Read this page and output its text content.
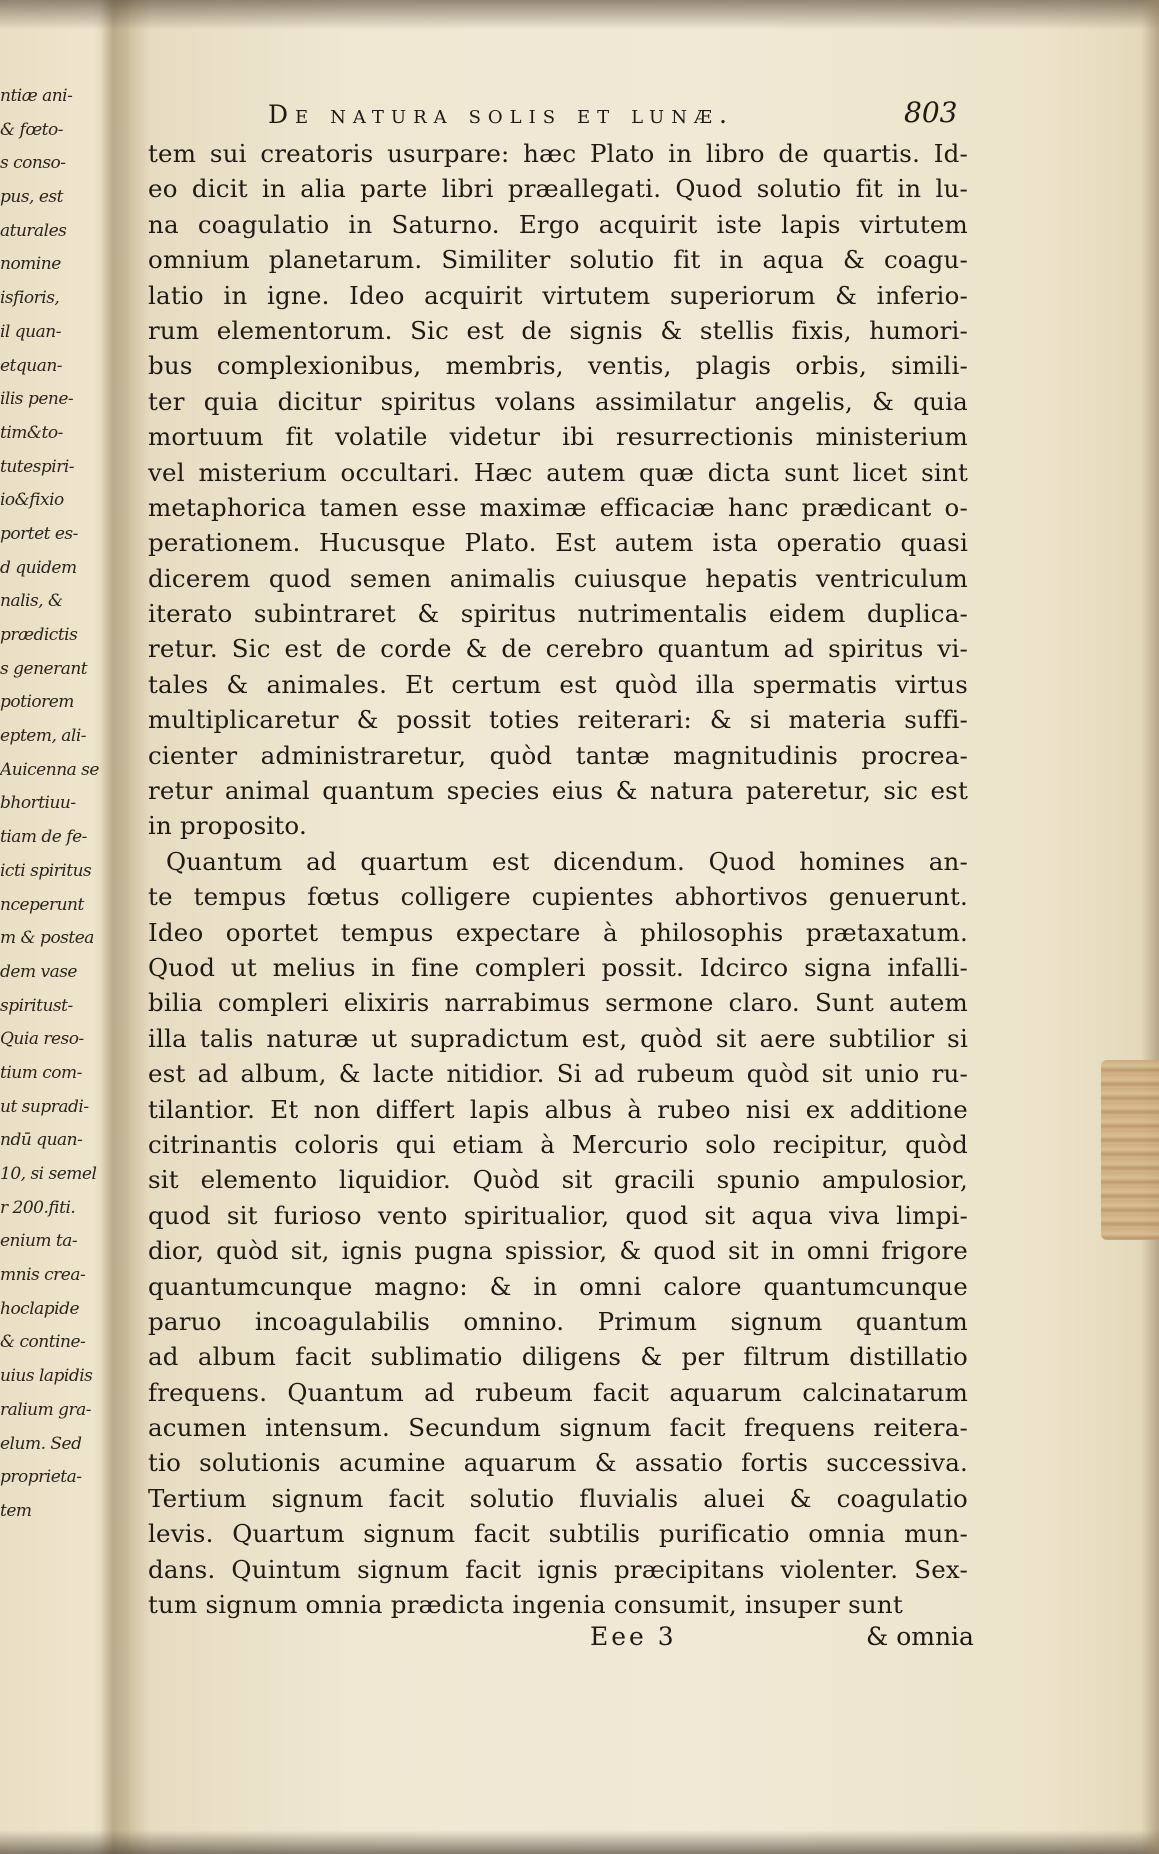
ntiæ ani-
& fœto-
s conso-
pus, est
aturales
nomine
isfioris,
il quan-
etquan-
ilis pene-
tim&to-
tutespiri-
io&fixio
portet es-
d quidem
nalis, &
prædictis
s generant
potiorem
eptem, ali-
Auicenna se
bhortiuu-
tiam de fe-
icti spiritus
nceperunt
m & postea
dem vase
spiritust-
Quia reso-
tium com-
ut supradi-
ndū quan-
10, si semel
r 200.fiti.
enium ta-
mnis crea-
hoclapide
& contine-
uius lapidis
ralium gra-
elum. Sed
proprieta-
tem
De natura solis et lunæ.	803
tem sui creatoris usurpare: hæc Plato in libro de quartis. Id-
eo dicit in alia parte libri præallegati. Quod solutio fit in lu-
na coagulatio in Saturno. Ergo acquirit iste lapis virtutem
omnium planetarum. Similiter solutio fit in aqua & coagu-
latio in igne. Ideo acquirit virtutem superiorum & inferio-
rum elementorum. Sic est de signis & stellis fixis, humori-
bus complexionibus, membris, ventis, plagis orbis, simili-
ter quia dicitur spiritus volans assimilatur angelis, & quia
mortuum fit volatile videtur ibi resurrectionis ministerium
vel misterium occultari. Hæc autem quæ dicta sunt licet sint
metaphorica tamen esse maximæ efficaciæ hanc prædicant o-
perationem. Hucusque Plato. Est autem ista operatio quasi
dicerem quod semen animalis cuiusque hepatis ventriculum
iterato subintraret & spiritus nutrimentalis eidem duplica-
retur. Sic est de corde & de cerebro quantum ad spiritus vi-
tales & animales. Et certum est quòd illa spermatis virtus
multiplicaretur & possit toties reiterari: & si materia suffi-
cienter administraretur, quòd tantæ magnitudinis procrea-
retur animal quantum species eius & natura pateretur, sic est
in proposito.
Quantum ad quartum est dicendum. Quod homines an-
te tempus fœtus colligere cupientes abhortivos genuerunt.
Ideo oportet tempus expectare à philosophis prætaxatum.
Quod ut melius in fine compleri possit. Idcirco signa infalli-
bilia compleri elixiris narrabimus sermone claro. Sunt autem
illa talis naturæ ut supradictum est, quòd sit aere subtilior si
est ad album, & lacte nitidior. Si ad rubeum quòd sit unio ru-
tilantior. Et non differt lapis albus à rubeo nisi ex additione
citrinantis coloris qui etiam à Mercurio solo recipitur, quòd
sit elemento liquidior. Quòd sit gracili spunio ampulosior,
quod sit furioso vento spiritualior, quod sit aqua viva limpi-
dior, quòd sit, ignis pugna spissior, & quod sit in omni frigore
quantumcunque magno: & in omni calore quantumcunque
paruo incoagulabilis omnino. Primum signum quantum
ad album facit sublimatio diligens & per filtrum distillatio
frequens. Quantum ad rubeum facit aquarum calcinatarum
acumen intensum. Secundum signum facit frequens reitera-
tio solutionis acumine aquarum & assatio fortis successiva.
Tertium signum facit solutio fluvialis aluei & coagulatio
levis. Quartum signum facit subtilis purificatio omnia mun-
dans. Quintum signum facit ignis præcipitans violenter. Sex-
tum signum omnia prædicta ingenia consumit, insuper sunt
Eee 3	& omnia
